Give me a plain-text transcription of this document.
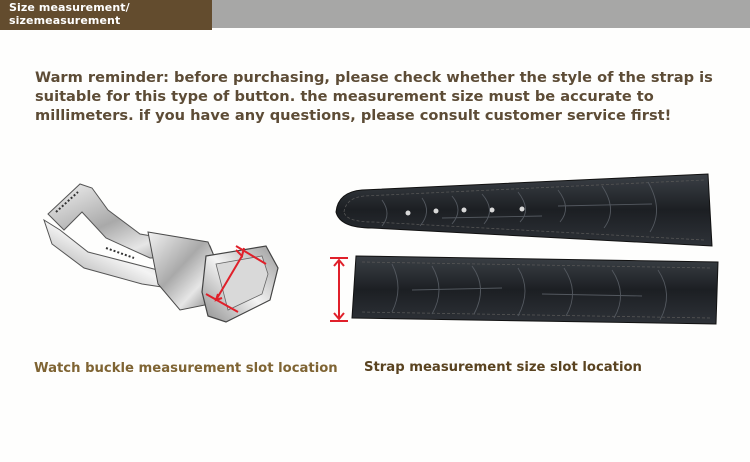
Size measurement/ sizemeasurement

Warm reminder: before purchasing, please check whether the style of the strap is suitable for this type of button. the measurement size must be accurate to millimeters. if you have any questions, please consult customer service first!

Watch buckle measurement slot location Strap measurement size slot location
